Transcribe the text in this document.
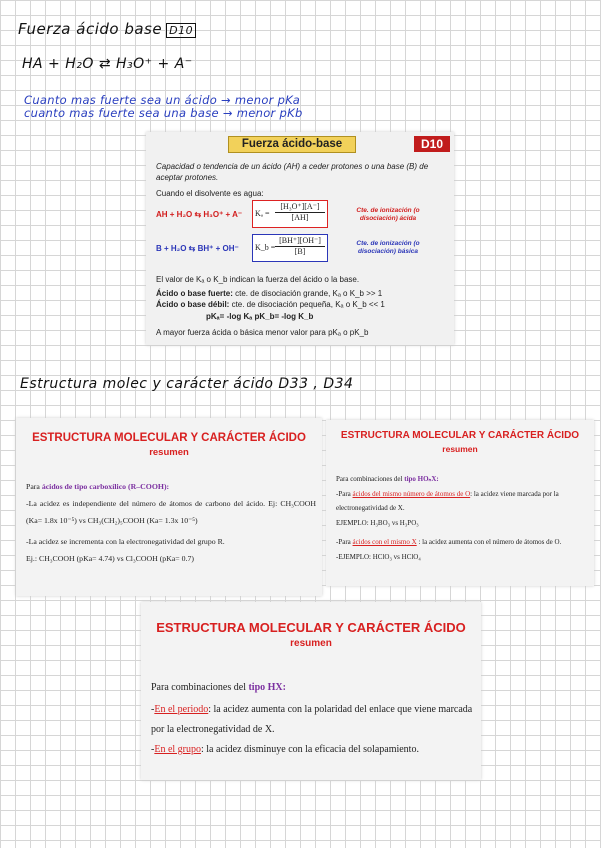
Fuerza ácido base D10
HA + H₂O ⇄ H₃O⁺ + A⁻
Cuanto mas fuerte sea un ácido → menor pKa
cuanto mas fuerte sea una base → menor pKb
Fuerza ácido-base	D10
Capacidad o tendencia de un ácido (AH) a ceder protones o una base (B) de aceptar protones.
Cuando el disolvente es agua:
AH + H₂O ⇆ H₃O⁺ + A⁻ $K_a = \frac{\text{[H₃O⁺][A⁻]}}{[AH]}$	Cte. de ionización (o disociación) ácida
B + H₂O ⇆ BH⁺ + OH⁻ K_b = $\frac{[BH^+][OH^-]}{[B]}$	Cte. de ionización (o disociación) básica
El valor de Kₐ o K_b indican la fuerza del ácido o la base.
Ácido o base fuerte: cte. de disociación grande, Kₐ o K_b >> 1
Ácido o base débil: cte. de disociación pequeña, Kₐ o K_b << 1
pKₐ= -log Kₐ pK_b= -log K_b
A mayor fuerza ácida o básica menor valor para pKₐ o pK_b
Estructura molec y carácter ácido D33 , D34
ESTRUCTURA MOLECULAR Y CARÁCTER ÁCIDO
resumen
Para ácidos de tipo carboxílico (R–COOH):
-La acidez es independiente del número de átomos de carbono del ácido. Ej: CH₃COOH (Ka= 1.8x 10⁻⁵) vs CH₃(CH₂)₅COOH (Ka= 1.3x 10⁻⁵)
-La acidez se incrementa con la electronegatividad del grupo R.
Ej.: CH₃COOH (pKa= 4.74) vs Cl₃COOH (pKa= 0.7)
ESTRUCTURA MOLECULAR Y CARÁCTER ÁCIDO
resumen
Para combinaciones del tipo HOₙX:
-Para ácidos del mismo número de átomos de O: la acidez viene marcada por la electronegatividad de X.
EJEMPLO: H₃BO₃ vs H₃PO₃
-Para ácidos con el mismo X : la acidez aumenta con el número de átomos de O.
-EJEMPLO: HClO₃ vs HClO₄
ESTRUCTURA MOLECULAR Y CARÁCTER ÁCIDO
resumen
Para combinaciones del tipo HX:
-En el periodo: la acidez aumenta con la polaridad del enlace que viene marcada por la electronegatividad de X.
-En el grupo: la acidez disminuye con la eficacia del solapamiento.
